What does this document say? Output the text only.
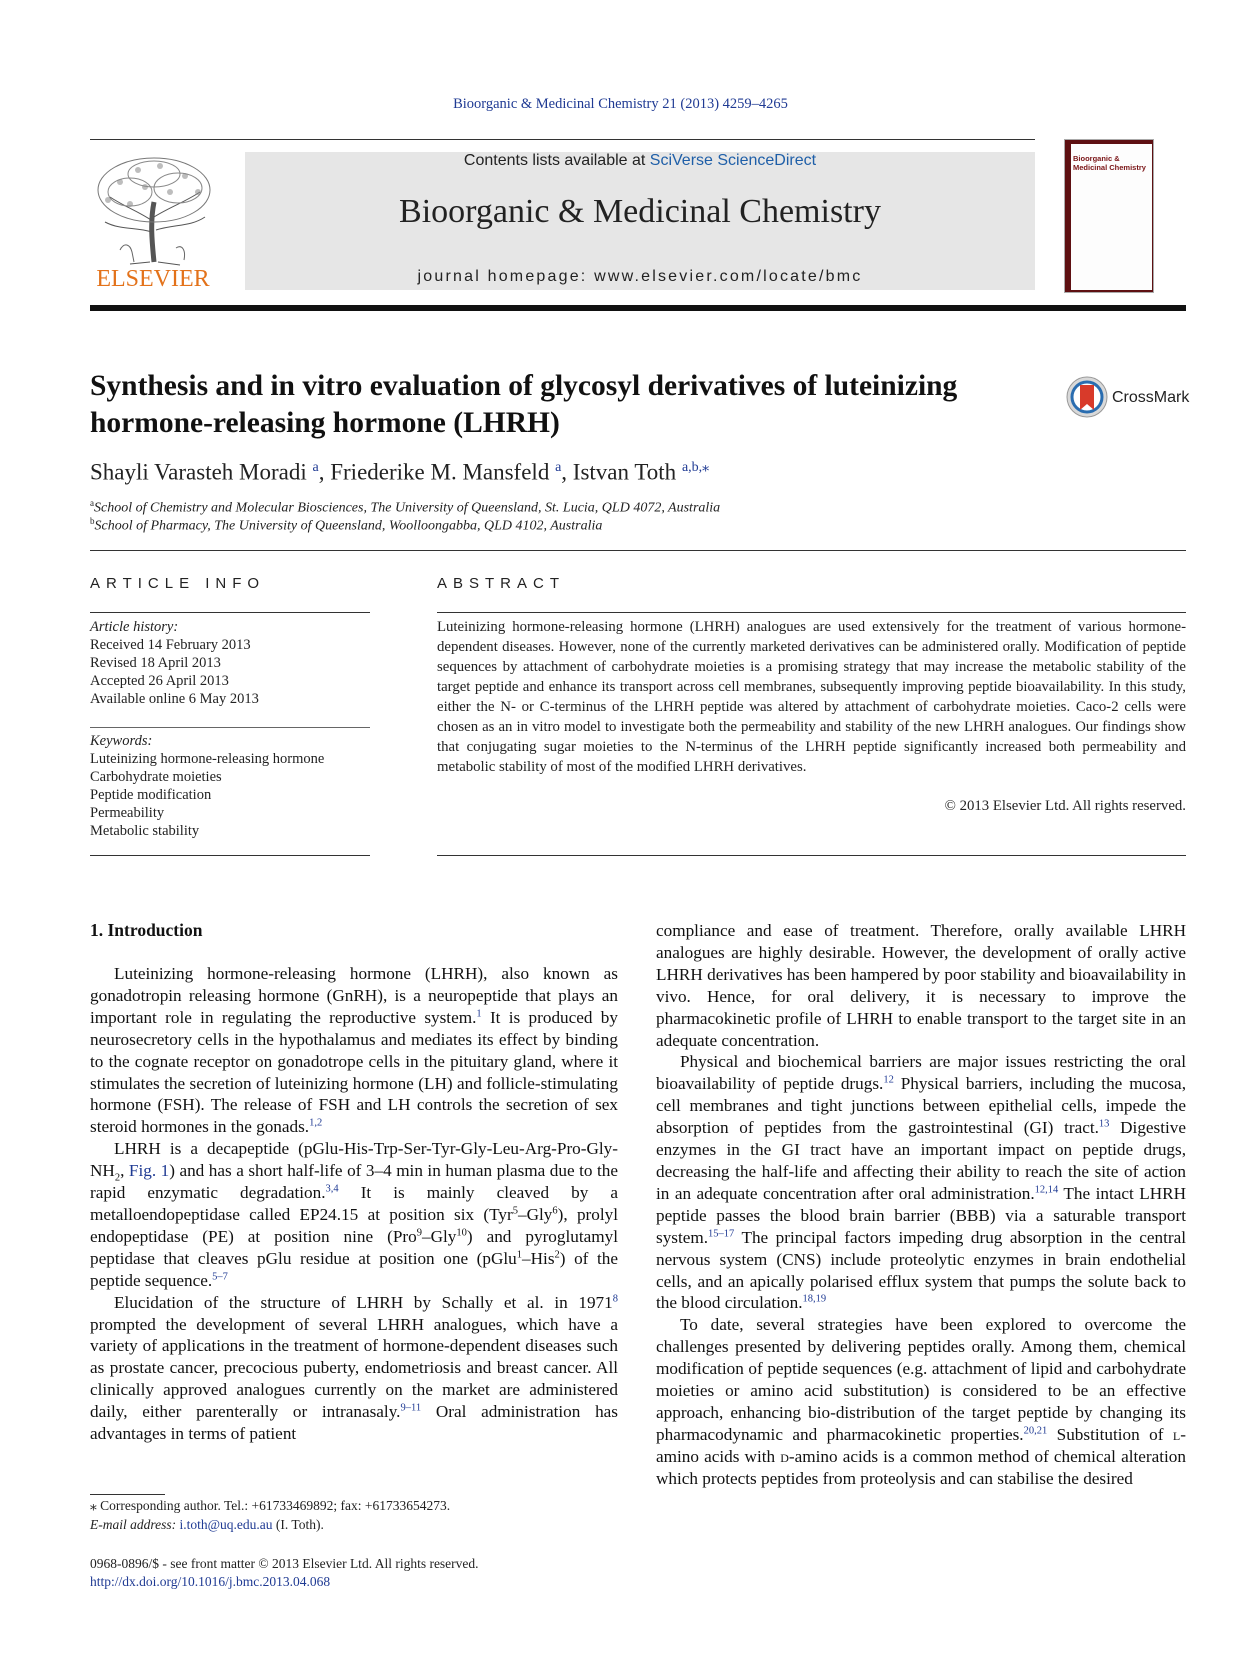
Bioorganic & Medicinal Chemistry 21 (2013) 4259–4265
ELSEVIER
Contents lists available at SciVerse ScienceDirect
Bioorganic & Medicinal Chemistry
journal homepage: www.elsevier.com/locate/bmc
Bioorganic & Medicinal Chemistry
Synthesis and in vitro evaluation of glycosyl derivatives of luteinizing hormone-releasing hormone (LHRH)
CrossMark
Shayli Varasteh Moradi $^a$, Friederike M. Mansfeld $^a$, Istvan Toth $^{a,b,⁎}$
$^a$School of Chemistry and Molecular Biosciences, The University of Queensland, St. Lucia, QLD 4072, Australia
$^b$School of Pharmacy, The University of Queensland, Woolloongabba, QLD 4102, Australia
ARTICLE INFO
Article history:
Received 14 February 2013
Revised 18 April 2013
Accepted 26 April 2013
Available online 6 May 2013
Keywords:
Luteinizing hormone-releasing hormone
Carbohydrate moieties
Peptide modification
Permeability
Metabolic stability
ABSTRACT
Luteinizing hormone-releasing hormone (LHRH) analogues are used extensively for the treatment of various hormone-dependent diseases. However, none of the currently marketed derivatives can be administered orally. Modification of peptide sequences by attachment of carbohydrate moieties is a promising strategy that may increase the metabolic stability of the target peptide and enhance its transport across cell membranes, subsequently improving peptide bioavailability. In this study, either the N- or C-terminus of the LHRH peptide was altered by attachment of carbohydrate moieties. Caco-2 cells were chosen as an in vitro model to investigate both the permeability and stability of the new LHRH analogues. Our findings show that conjugating sugar moieties to the N-terminus of the LHRH peptide significantly increased both permeability and metabolic stability of most of the modified LHRH derivatives.
© 2013 Elsevier Ltd. All rights reserved.
1. Introduction

Luteinizing hormone-releasing hormone (LHRH), also known as gonadotropin releasing hormone (GnRH), is a neuropeptide that plays an important role in regulating the reproductive system.$^1$ It is produced by neurosecretory cells in the hypothalamus and mediates its effect by binding to the cognate receptor on gonadotrope cells in the pituitary gland, where it stimulates the secretion of luteinizing hormone (LH) and follicle-stimulating hormone (FSH). The release of FSH and LH controls the secretion of sex steroid hormones in the gonads.$^{1,2}$

LHRH is a decapeptide ($pGlu-His-Trp-Ser-Tyr-Gly-Leu-Arg-Pro-Gly-NH_2$, Fig. 1) and has a short half-life of 3–4 min in human plasma due to the rapid enzymatic degradation.$^{3,4}$ It is mainly cleaved by a metalloendopeptidase called EP24.15 at position six (Tyr$^5$–Gly$^6$), prolyl endopeptidase (PE) at position nine (Pro$^9$–Gly$^{10}$) and pyroglutamyl peptidase that cleaves pGlu residue at position one (pGlu$^1$–His$^2$) of the peptide sequence.$^{5-7}$

Elucidation of the structure of LHRH by Schally et al. in 1971$^8$ prompted the development of several LHRH analogues, which have a variety of applications in the treatment of hormone-dependent diseases such as prostate cancer, precocious puberty, endometriosis and breast cancer. All clinically approved analogues currently on the market are administered daily, either parenterally or intranasaly.$^{9-11}$ Oral administration has advantages in terms of patient

compliance and ease of treatment. Therefore, orally available LHRH analogues are highly desirable. However, the development of orally active LHRH derivatives has been hampered by poor stability and bioavailability in vivo. Hence, for oral delivery, it is necessary to improve the pharmacokinetic profile of LHRH to enable transport to the target site in an adequate concentration.

Physical and biochemical barriers are major issues restricting the oral bioavailability of peptide drugs.$^{12}$ Physical barriers, including the mucosa, cell membranes and tight junctions between epithelial cells, impede the absorption of peptides from the gastrointestinal (GI) tract.$^{13}$ Digestive enzymes in the GI tract have an important impact on peptide drugs, decreasing the half-life and affecting their ability to reach the site of action in an adequate concentration after oral administration.$^{12,14}$ The intact LHRH peptide passes the blood brain barrier (BBB) via a saturable transport system.$^{15-17}$ The principal factors impeding drug absorption in the central nervous system (CNS) include proteolytic enzymes in brain endothelial cells, and an apically polarised efflux system that pumps the solute back to the blood circulation.$^{18,19}$

To date, several strategies have been explored to overcome the challenges presented by delivering peptides orally. Among them, chemical modification of peptide sequences (e.g. attachment of lipid and carbohydrate moieties or amino acid substitution) is considered to be an effective approach, enhancing bio-distribution of the target peptide by changing its pharmacodynamic and pharmacokinetic properties.$^{20,21}$ Substitution of l-amino acids with d-amino acids is a common method of chemical alteration which protects peptides from proteolysis and can stabilise the desired

⁎ Corresponding author. Tel.: +61733469892; fax: +61733654273.
E-mail address: i.toth@uq.edu.au (I. Toth).
0968-0896/$ - see front matter © 2013 Elsevier Ltd. All rights reserved.
http://dx.doi.org/10.1016/j.bmc.2013.04.068
